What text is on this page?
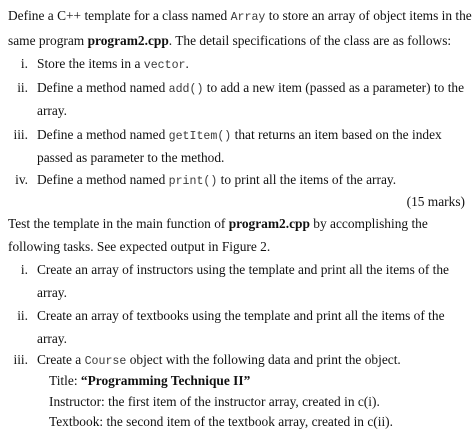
Define a C++ template for a class named Array to store an array of object items in the
same program program2.cpp. The detail specifications of the class are as follows:
i. Store the items in a vector.
ii. Define a method named add() to add a new item (passed as a parameter) to the
array.
iii. Define a method named getItem() that returns an item based on the index
passed as parameter to the method.
iv. Define a method named print() to print all the items of the array.
(15 marks)
Test the template in the main function of program2.cpp by accomplishing the
following tasks. See expected output in Figure 2.
i. Create an array of instructors using the template and print all the items of the
array.
ii. Create an array of textbooks using the template and print all the items of the
array.
iii. Create a Course object with the following data and print the object.
Title: “Programming Technique II”
Instructor: the first item of the instructor array, created in c(i).
Textbook: the second item of the textbook array, created in c(ii).
